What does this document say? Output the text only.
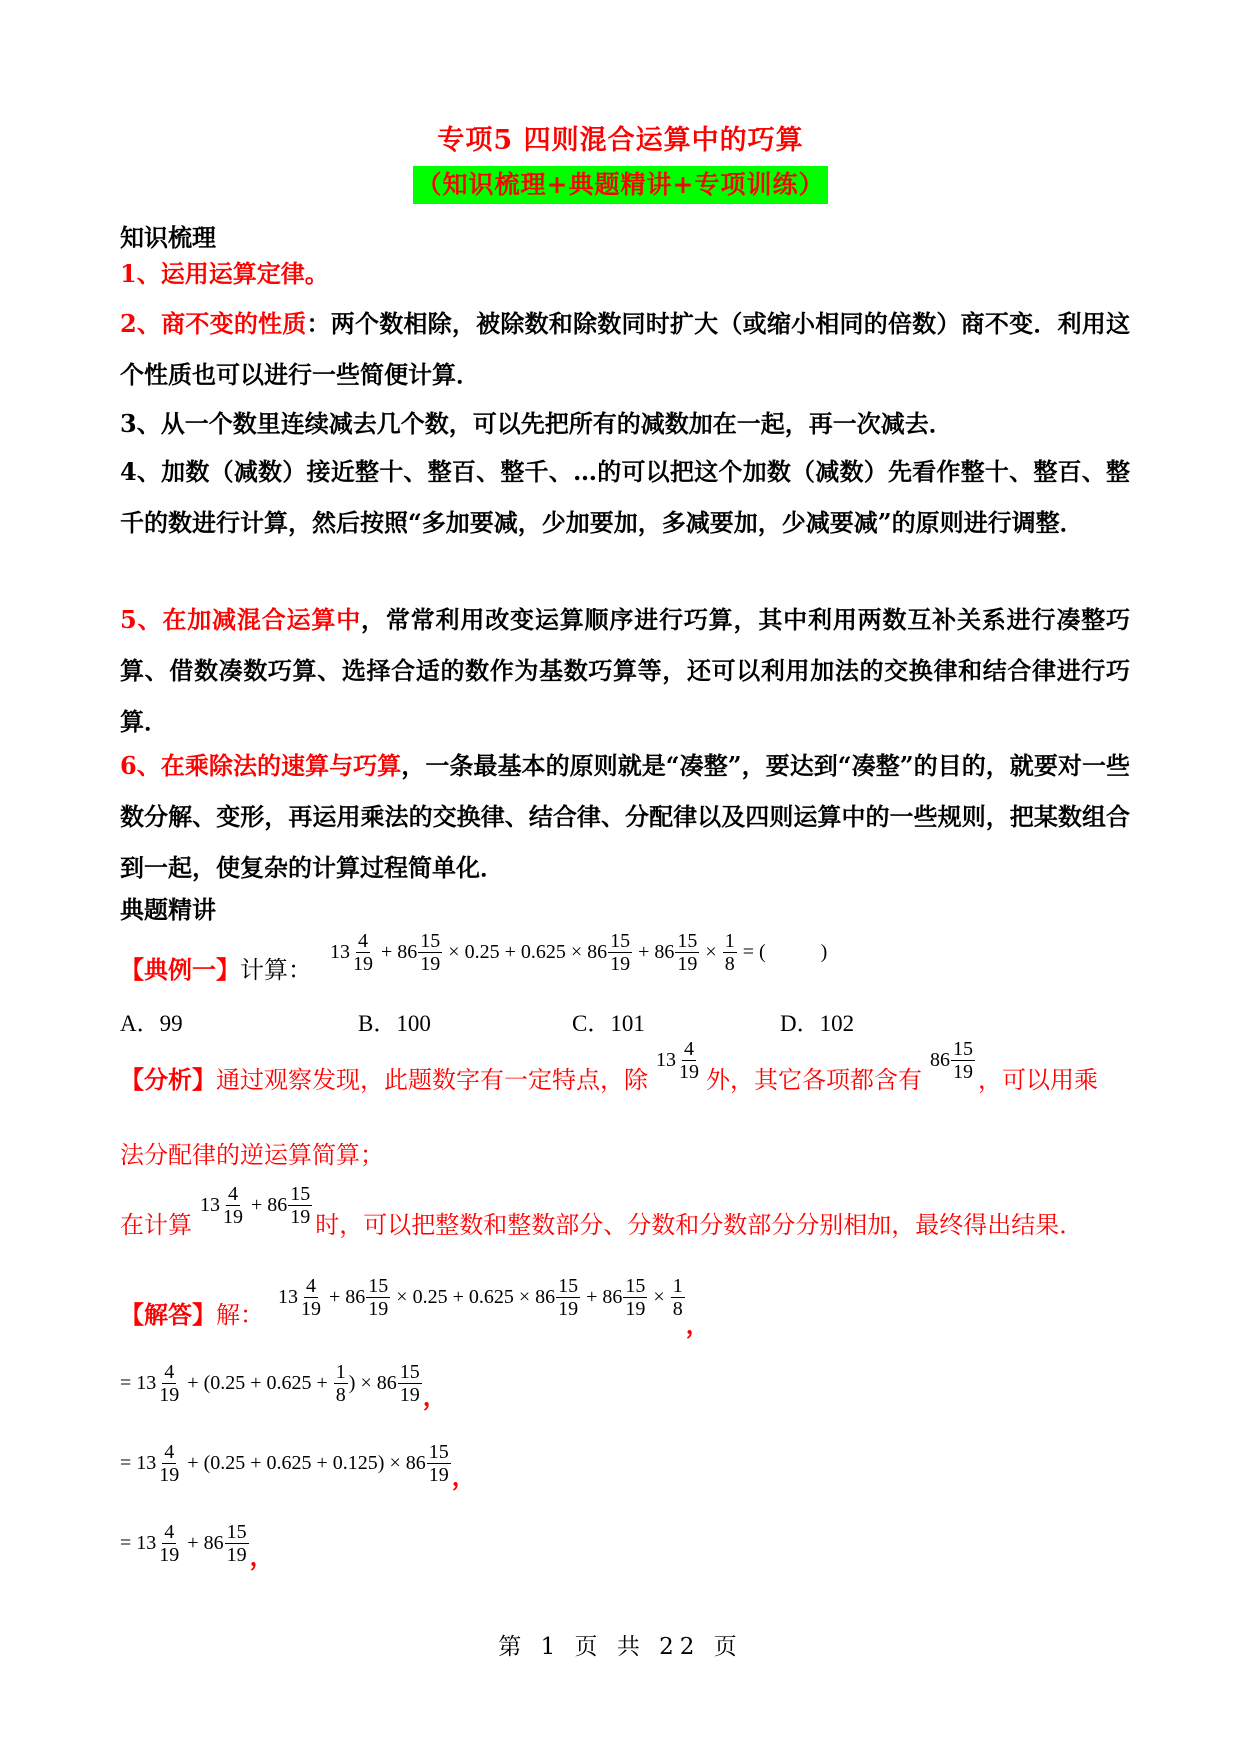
专项5 四则混合运算中的巧算
（知识梳理+典题精讲+专项训练）
知识梳理
1、运用运算定律。
2、商不变的性质：两个数相除，被除数和除数同时扩大（或缩小相同的倍数）商不变．利用这个性质也可以进行一些简便计算．
3、从一个数里连续减去几个数，可以先把所有的减数加在一起，再一次减去．
4、加数（减数）接近整十、整百、整千、…的可以把这个加数（减数）先看作整十、整百、整千的数进行计算，然后按照“多加要减，少加要加，多减要加，少减要减”的原则进行调整．
5、在加减混合运算中，常常利用改变运算顺序进行巧算，其中利用两数互补关系进行凑整巧算、借数凑数巧算、选择合适的数作为基数巧算等，还可以利用加法的交换律和结合律进行巧算．
6、在乘除法的速算与巧算，一条最基本的原则就是“凑整”，要达到“凑整”的目的，就要对一些数分解、变形，再运用乘法的交换律、结合律、分配律以及四则运算中的一些规则，把某数组合到一起，使复杂的计算过程简单化．
典题精讲
【典例一】 计算：
$13 \frac{4}{19} + 86 \frac{15}{19} \times 0.25 + 0.625 \times 86 \frac{15}{19} + 86 \frac{15}{19} \times \frac{1}{8}$ = (	)
A．99	B．100	C．101	D．102
【分析】 通过观察发现，此题数字有一定特点，除
$13 \frac{4}{19}$ 外，其它各项都含有
$86 \frac{15}{19}$ ，可以用乘
法分配律的逆运算简算；
在计算
$13 \frac{4}{19} + 86 \frac{15}{19}$ 时，可以把整数和整数部分、分数和分数部分分别相加，最终得出结果．
【解答】 解：
$13 \frac{4}{19} + 86 \frac{15}{19} \times 0.25 + 0.625 \times 86 \frac{15}{19} + 86 \frac{15}{19} \times \frac{1}{8}$
，
= $13 \frac{4}{19}$ + ( $0.25 + 0.625 + \frac{1}{8}$ ) × $86 \frac{15}{19}$ ，
= $13 \frac{4}{19}$ + ( 0.25 + 0.625 + 0.125 ) × $86 \frac{15}{19}$ ，
= $13 \frac{4}{19} + 86 \frac{15}{19}$ ，
第 1 页 共 22 页
